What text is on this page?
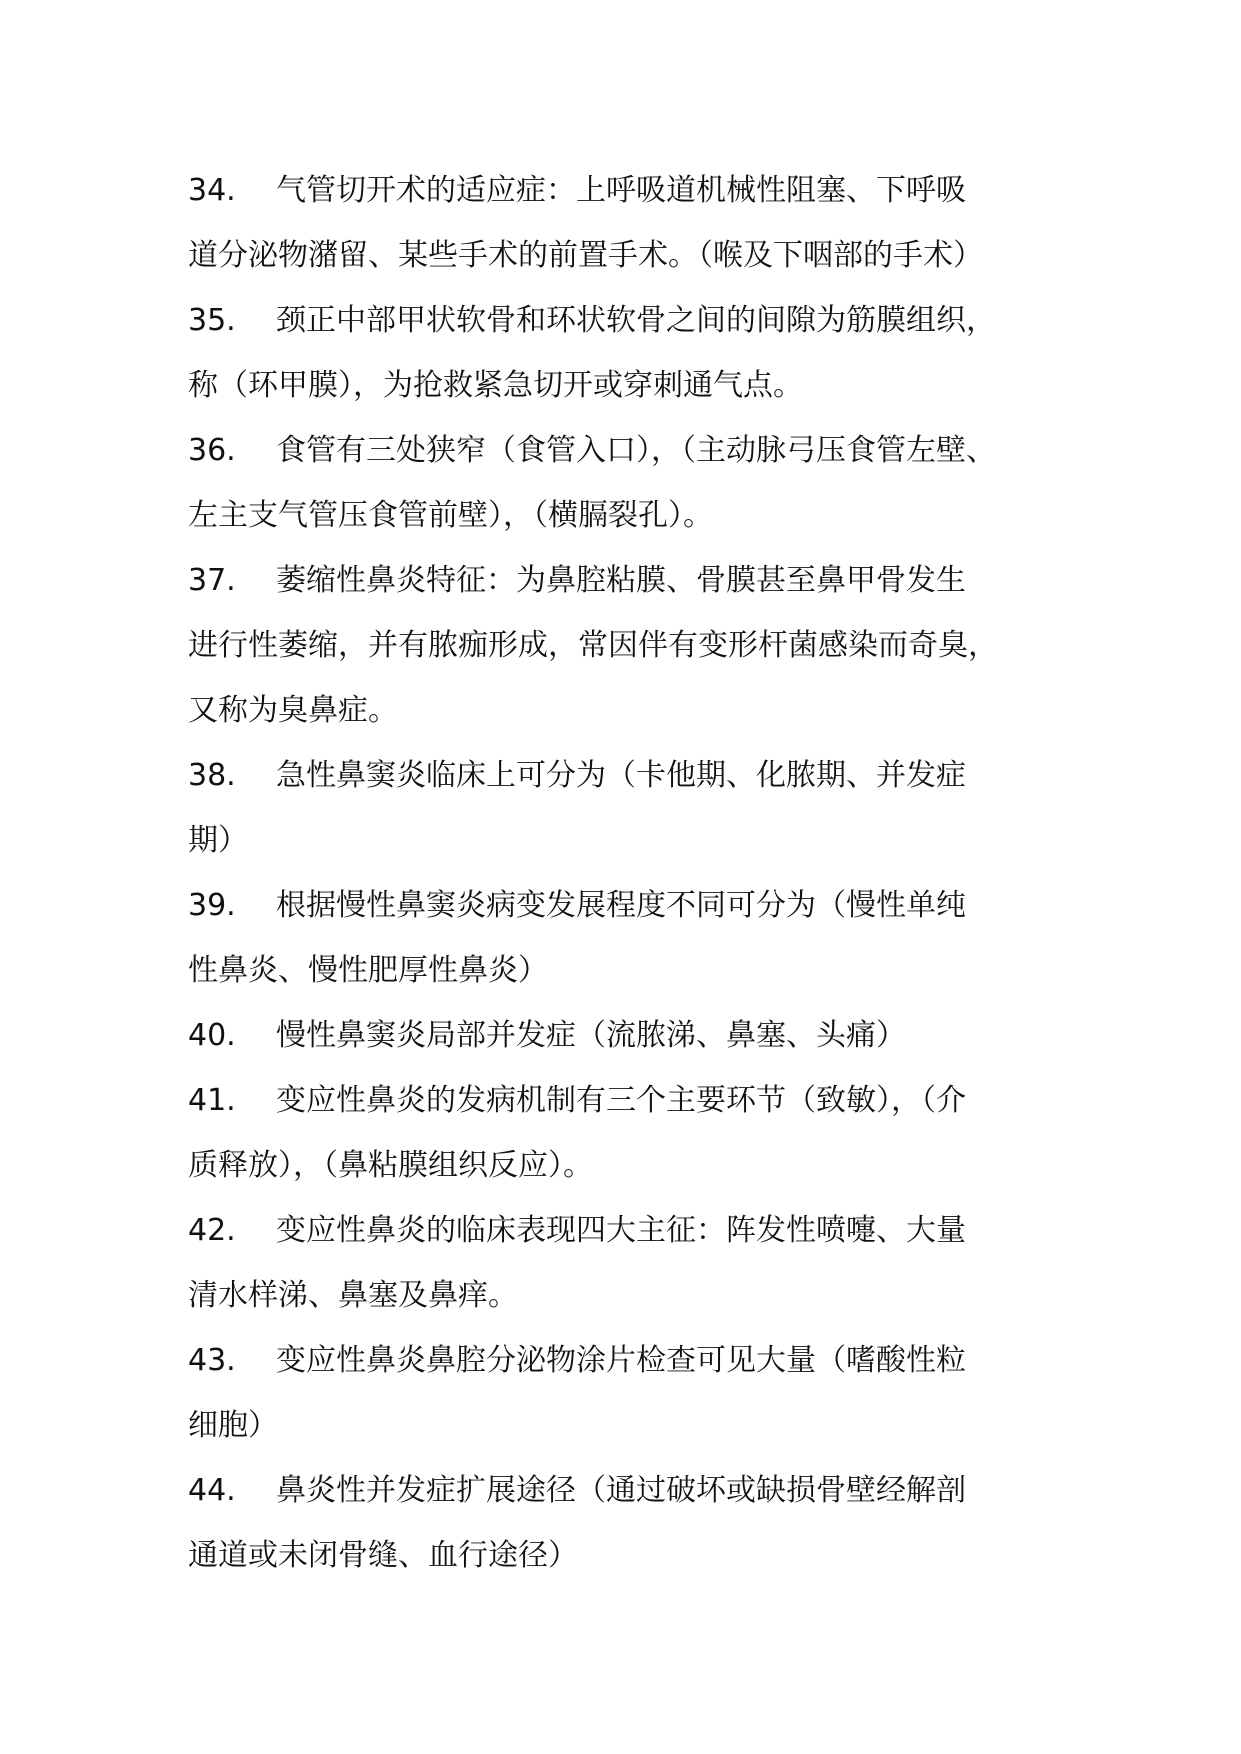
34. 气管切开术的适应症：上呼吸道机械性阻塞、下呼吸
道分泌物潴留、某些手术的前置手术。（喉及下咽部的手术）
35. 颈正中部甲状软骨和环状软骨之间的间隙为筋膜组织，
称（环甲膜），为抢救紧急切开或穿刺通气点。
36. 食管有三处狭窄（食管入口），（主动脉弓压食管左壁、
左主支气管压食管前壁），（横膈裂孔）。
37. 萎缩性鼻炎特征：为鼻腔粘膜、骨膜甚至鼻甲骨发生
进行性萎缩，并有脓痂形成，常因伴有变形杆菌感染而奇臭，
又称为臭鼻症。
38. 急性鼻窦炎临床上可分为（卡他期、化脓期、并发症
期）
39. 根据慢性鼻窦炎病变发展程度不同可分为（慢性单纯
性鼻炎、慢性肥厚性鼻炎）
40. 慢性鼻窦炎局部并发症（流脓涕、鼻塞、头痛）
41. 变应性鼻炎的发病机制有三个主要环节（致敏），（介
质释放），（鼻粘膜组织反应）。
42. 变应性鼻炎的临床表现四大主征：阵发性喷嚏、大量
清水样涕、鼻塞及鼻痒。
43. 变应性鼻炎鼻腔分泌物涂片检查可见大量（嗜酸性粒
细胞）
44. 鼻炎性并发症扩展途径（通过破坏或缺损骨壁经解剖
通道或未闭骨缝、血行途径）
